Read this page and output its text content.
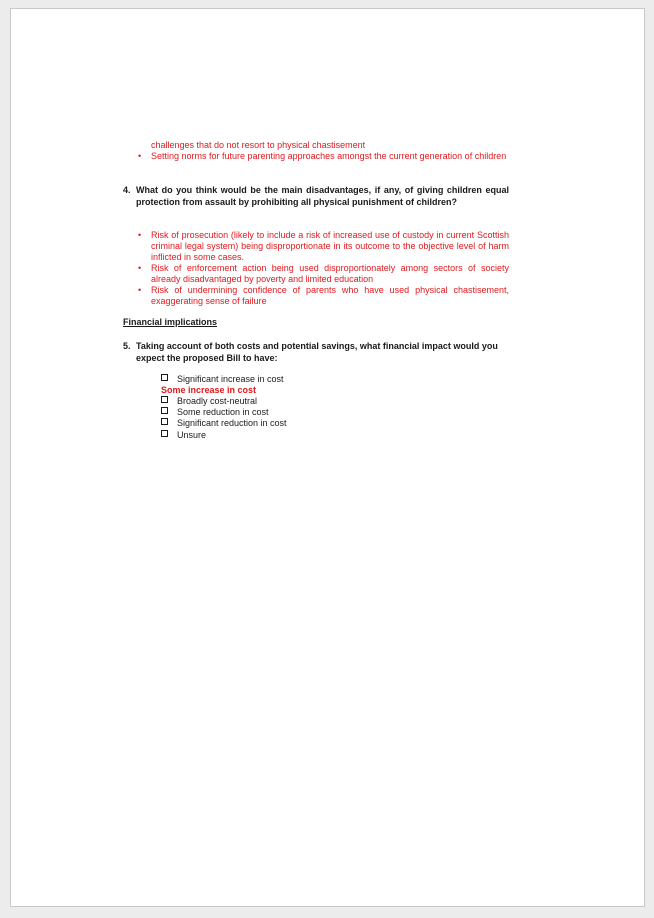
challenges that do not resort to physical chastisement
• Setting norms for future parenting approaches amongst the current generation of children
4. What do you think would be the main disadvantages, if any, of giving children equal protection from assault by prohibiting all physical punishment of children?
• Risk of prosecution (likely to include a risk of increased use of custody in current Scottish criminal legal system) being disproportionate in its outcome to the objective level of harm inflicted in some cases.
• Risk of enforcement action being used disproportionately among sectors of society already disadvantaged by poverty and limited education
• Risk of undermining confidence of parents who have used physical chastisement, exaggerating sense of failure
Financial implications
5. Taking account of both costs and potential savings, what financial impact would you expect the proposed Bill to have:
Significant increase in cost
Some increase in cost
Broadly cost-neutral
Some reduction in cost
Significant reduction in cost
Unsure
